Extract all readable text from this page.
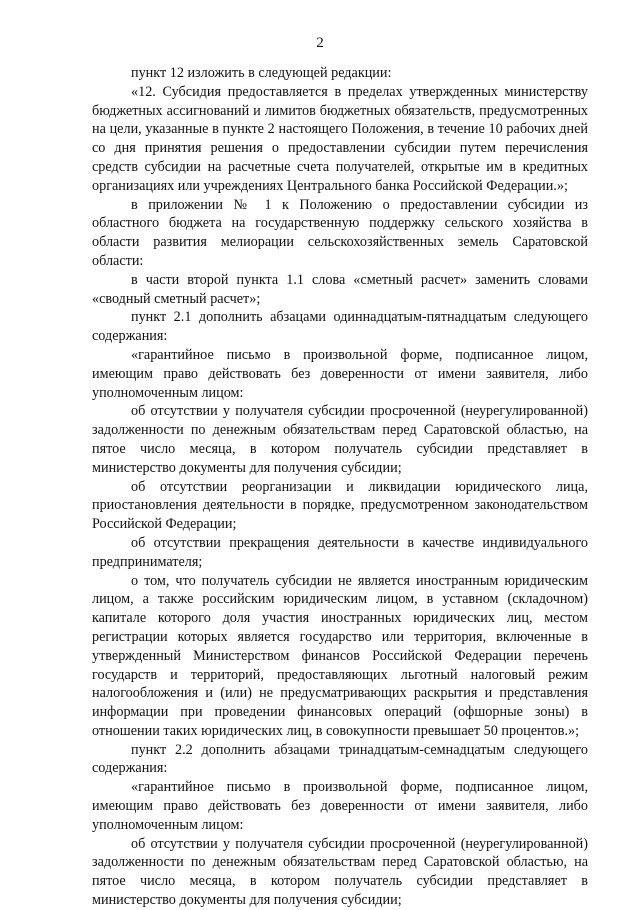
2

пункт 12 изложить в следующей редакции:

«12. Субсидия предоставляется в пределах утвержденных министерству бюджетных ассигнований и лимитов бюджетных обязательств, предусмотренных на цели, указанные в пункте 2 настоящего Положения, в течение 10 рабочих дней со дня принятия решения о предоставлении субсидии путем перечисления средств субсидии на расчетные счета получателей, открытые им в кредитных организациях или учреждениях Центрального банка Российской Федерации.»;

в приложении № 1 к Положению о предоставлении субсидии из областного бюджета на государственную поддержку сельского хозяйства в области развития мелиорации сельскохозяйственных земель Саратовской области:

в части второй пункта 1.1 слова «сметный расчет» заменить словами «сводный сметный расчет»;

пункт 2.1 дополнить абзацами одиннадцатым-пятнадцатым следующего содержания:

«гарантийное письмо в произвольной форме, подписанное лицом, имеющим право действовать без доверенности от имени заявителя, либо уполномоченным лицом:

об отсутствии у получателя субсидии просроченной (неурегулированной) задолженности по денежным обязательствам перед Саратовской областью, на пятое число месяца, в котором получатель субсидии представляет в министерство документы для получения субсидии;

об отсутствии реорганизации и ликвидации юридического лица, приостановления деятельности в порядке, предусмотренном законодательством Российской Федерации;

об отсутствии прекращения деятельности в качестве индивидуального предпринимателя;

о том, что получатель субсидии не является иностранным юридическим лицом, а также российским юридическим лицом, в уставном (складочном) капитале которого доля участия иностранных юридических лиц, местом регистрации которых является государство или территория, включенные в утвержденный Министерством финансов Российской Федерации перечень государств и территорий, предоставляющих льготный налоговый режим налогообложения и (или) не предусматривающих раскрытия и представления информации при проведении финансовых операций (офшорные зоны) в отношении таких юридических лиц, в совокупности превышает 50 процентов.»;

пункт 2.2 дополнить абзацами тринадцатым-семнадцатым следующего содержания:

«гарантийное письмо в произвольной форме, подписанное лицом, имеющим право действовать без доверенности от имени заявителя, либо уполномоченным лицом:

об отсутствии у получателя субсидии просроченной (неурегулированной) задолженности по денежным обязательствам перед Саратовской областью, на пятое число месяца, в котором получатель субсидии представляет в министерство документы для получения субсидии;
